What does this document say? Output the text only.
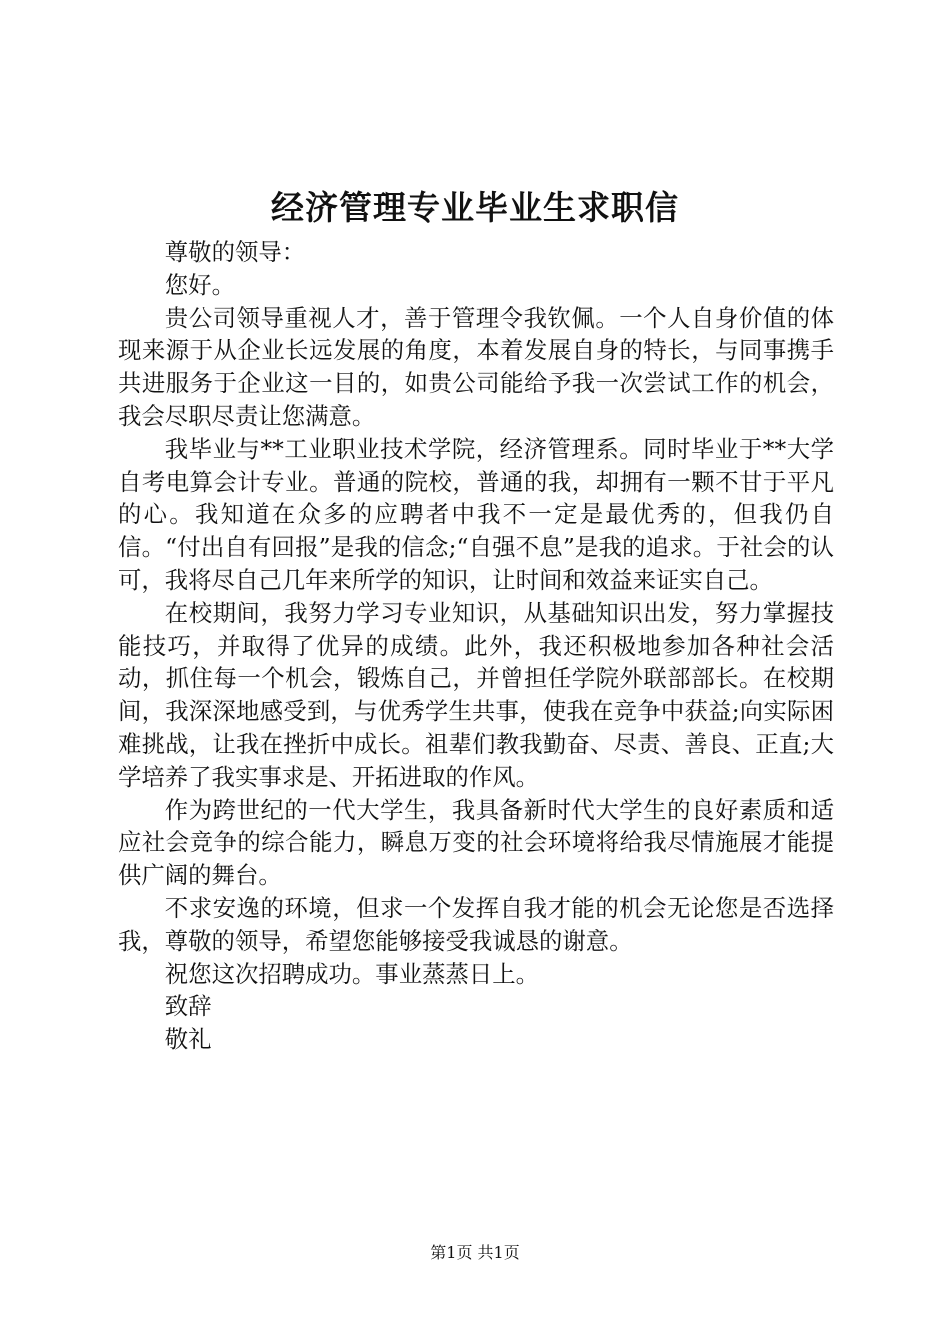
经济管理专业毕业生求职信

尊敬的领导：

您好。

贵公司领导重视人才，善于管理令我钦佩。一个人自身价值的体现来源于从企业长远发展的角度，本着发展自身的特长，与同事携手共进服务于企业这一目的，如贵公司能给予我一次尝试工作的机会，我会尽职尽责让您满意。

我毕业与**工业职业技术学院，经济管理系。同时毕业于**大学自考电算会计专业。普通的院校，普通的我，却拥有一颗不甘于平凡的心。我知道在众多的应聘者中我不一定是最优秀的，但我仍自信。“付出自有回报”是我的信念;“自强不息”是我的追求。于社会的认可，我将尽自己几年来所学的知识，让时间和效益来证实自己。

在校期间，我努力学习专业知识，从基础知识出发，努力掌握技能技巧，并取得了优异的成绩。此外，我还积极地参加各种社会活动，抓住每一个机会，锻炼自己，并曾担任学院外联部部长。在校期间，我深深地感受到，与优秀学生共事，使我在竞争中获益;向实际困难挑战，让我在挫折中成长。祖辈们教我勤奋、尽责、善良、正直;大学培养了我实事求是、开拓进取的作风。

作为跨世纪的一代大学生，我具备新时代大学生的良好素质和适应社会竞争的综合能力，瞬息万变的社会环境将给我尽情施展才能提供广阔的舞台。

不求安逸的环境，但求一个发挥自我才能的机会无论您是否选择我，尊敬的领导，希望您能够接受我诚恳的谢意。

祝您这次招聘成功。事业蒸蒸日上。

致辞

敬礼

第1页 共1页
